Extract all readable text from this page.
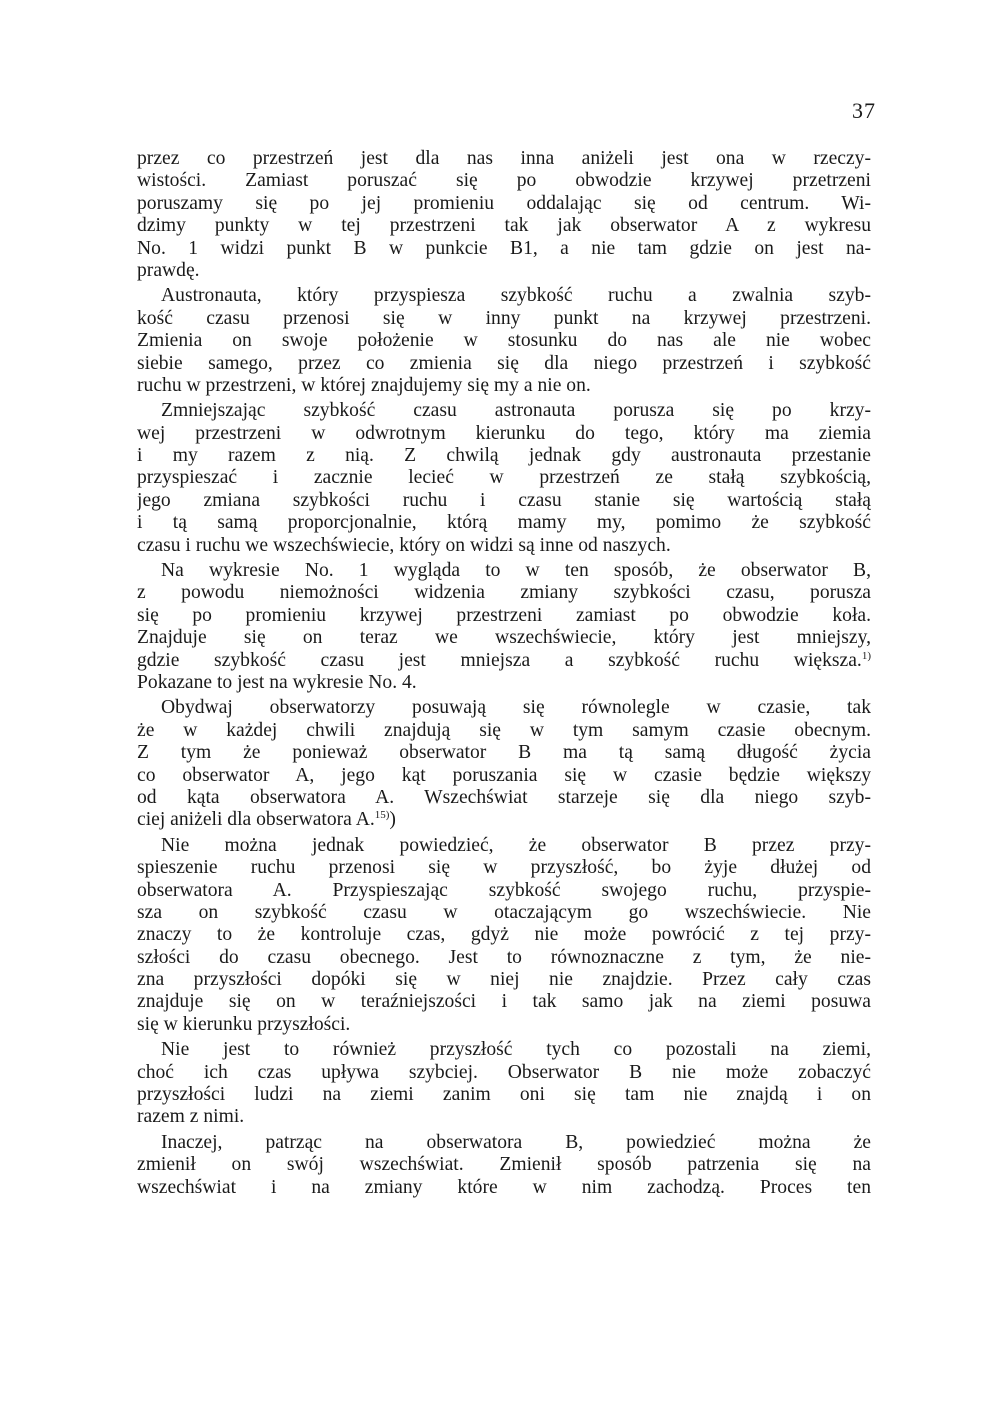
37
przez co przestrzeń jest dla nas inna aniżeli jest ona w rzeczy-
wistości. Zamiast poruszać się po obwodzie krzywej przetrzeni
poruszamy się po jej promieniu oddalając się od centrum. Wi-
dzimy punkty w tej przestrzeni tak jak obserwator A z wykresu
No. 1 widzi punkt B w punkcie B1, a nie tam gdzie on jest na-
prawdę.
Austronauta, który przyspiesza szybkość ruchu a zwalnia szyb-
kość czasu przenosi się w inny punkt na krzywej przestrzeni.
Zmienia on swoje położenie w stosunku do nas ale nie wobec
siebie samego, przez co zmienia się dla niego przestrzeń i szybkość
ruchu w przestrzeni, w której znajdujemy się my a nie on.
Zmniejszając szybkość czasu astronauta porusza się po krzy-
wej przestrzeni w odwrotnym kierunku do tego, który ma ziemia
i my razem z nią. Z chwilą jednak gdy austronauta przestanie
przyspieszać i zacznie lecieć w przestrzeń ze stałą szybkością,
jego zmiana szybkości ruchu i czasu stanie się wartością stałą
i tą samą proporcjonalnie, którą mamy my, pomimo że szybkość
czasu i ruchu we wszechświecie, który on widzi są inne od naszych.
Na wykresie No. 1 wygląda to w ten sposób, że obserwator B,
z powodu niemożności widzenia zmiany szybkości czasu, porusza
się po promieniu krzywej przestrzeni zamiast po obwodzie koła.
Znajduje się on teraz we wszechświecie, który jest mniejszy,
gdzie szybkość czasu jest mniejsza a szybkość ruchu większa.$^{1)}$
Pokazane to jest na wykresie No. 4.
Obydwaj obserwatorzy posuwają się równolegle w czasie, tak
że w każdej chwili znajdują się w tym samym czasie obecnym.
Z tym że ponieważ obserwator B ma tą samą długość życia
co obserwator A, jego kąt poruszania się w czasie będzie większy
od kąta obserwatora A. Wszechświat starzeje się dla niego szyb-
ciej aniżeli dla obserwatora A.$^{15)}$)
Nie można jednak powiedzieć, że obserwator B przez przy-
spieszenie ruchu przenosi się w przyszłość, bo żyje dłużej od
obserwatora A. Przyspieszając szybkość swojego ruchu, przyspie-
sza on szybkość czasu w otaczającym go wszechświecie. Nie
znaczy to że kontroluje czas, gdyż nie może powrócić z tej przy-
szłości do czasu obecnego. Jest to równoznaczne z tym, że nie-
zna przyszłości dopóki się w niej nie znajdzie. Przez cały czas
znajduje się on w teraźniejszości i tak samo jak na ziemi posuwa
się w kierunku przyszłości.
Nie jest to również przyszłość tych co pozostali na ziemi,
choć ich czas upływa szybciej. Obserwator B nie może zobaczyć
przyszłości ludzi na ziemi zanim oni się tam nie znajdą i on
razem z nimi.
Inaczej, patrząc na obserwatora B, powiedzieć można że
zmienił on swój wszechświat. Zmienił sposób patrzenia się na
wszechświat i na zmiany które w nim zachodzą. Proces ten
